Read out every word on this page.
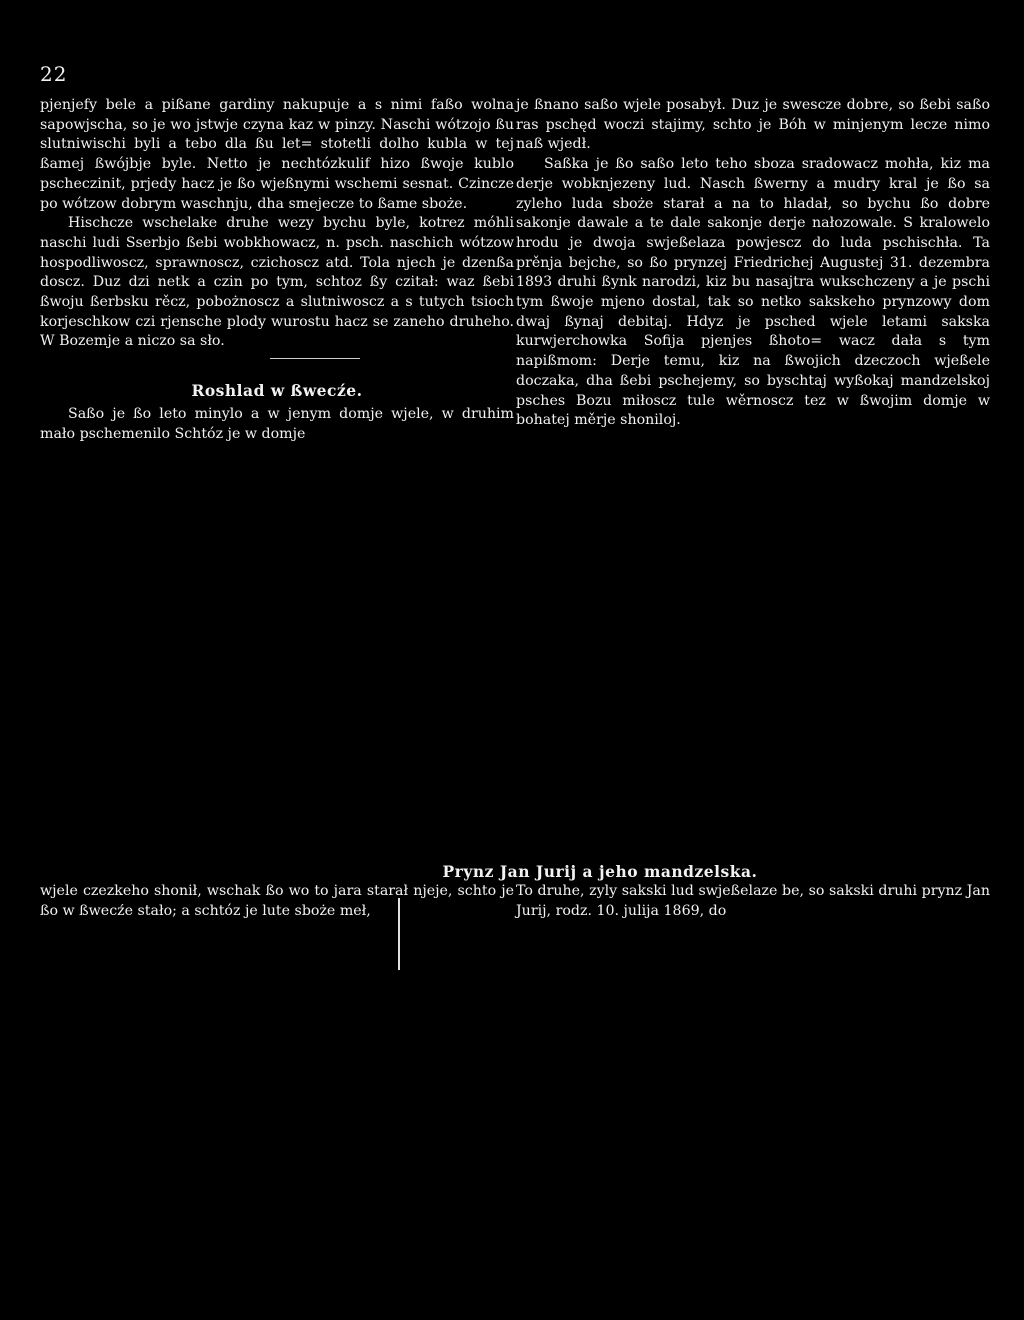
22

pjenjefy bele a pißane gardiny nakupuje a s nimi faßo wolna sapowjscha, so je wo jstwje czyna kaz w pinzy. Naschi wótzojo ßu slutniwischi byli a tebo dla ßu let= stotetli dolho kubla w tej ßamej ßwójbje byle. Netto je nechtózkulif hizo ßwoje kublo pscheczinit, prjedy hacz je ßo wjeßnymi wschemi sesnat. Czincze po wótzow dobrym waschnju, dha smejecze to ßame sboże.

Hischcze wschelake druhe wezy bychu byle, kotrez móhli naschi ludi Sserbjo ßebi wobkhowacz, n. psch. naschich wótzow hospodliwoscz, sprawnoscz, czichoscz atd. Tola njech je dzenßa doscz. Duz dzi netk a czin po tym, schtoz ßy czitał: waz ßebi ßwoju ßerbsku rěcz, pobożnoscz a slutniwoscz a s tutych tsioch korjeschkow czi rjensche plody wurostu hacz se zaneho druheho. W Bozemje a niczo sa sło.

Roshlad w ßwecźe.

Saßo je ßo leto minylo a w jenym domje wjele, w druhim mało pschemenilo Schtóz je w domje

je ßnano saßo wjele posabył. Duz je swescze dobre, so ßebi saßo ras pschęd woczi stajimy, schto je Bóh w minjenym lecze nimo naß wjedł.

Saßka je ßo saßo leto teho sboza sradowacz mohła, kiz ma derje wobknjezeny lud. Nasch ßwerny a mudry kral je ßo sa zyleho luda sboże starał a na to hladał, so bychu ßo dobre sakonje dawale a te dale sakonje derje nałozowale. S kralowelo hrodu je dwoja swjeßelaza powjescz do luda pschischła. Ta prěnja bejche, so ßo prynzej Friedrichej Augustej 31. dezembra 1893 druhi ßynk narodzi, kiz bu nasajtra wukschczeny a je pschi tym ßwoje mjeno dostal, tak so netko sakskeho prynzowy dom dwaj ßynaj debitaj. Hdyz je psched wjele letami sakska kurwjerchowka Sofija pjenjes ßhoto= wacz dała s tym napißmom: Derje temu, kiz na ßwojich dzeczoch wjeßele doczaka, dha ßebi pschejemy, so byschtaj wyßokaj mandzelskoj psches Bozu miłoscz tule wěrnoscz tez w ßwojim domje w bohatej měrje shoniloj.

Prynz Jan Jurij a jeho mandzelska.

wjele czezkeho shonił, wschak ßo wo to jara starał njeje, schto je ßo w ßwecźe stało; a schtóz je lute sboże meł,

To druhe, zyly sakski lud swjeßelaze be, so sakski druhi prynz Jan Jurij, rodz. 10. julija 1869, do
